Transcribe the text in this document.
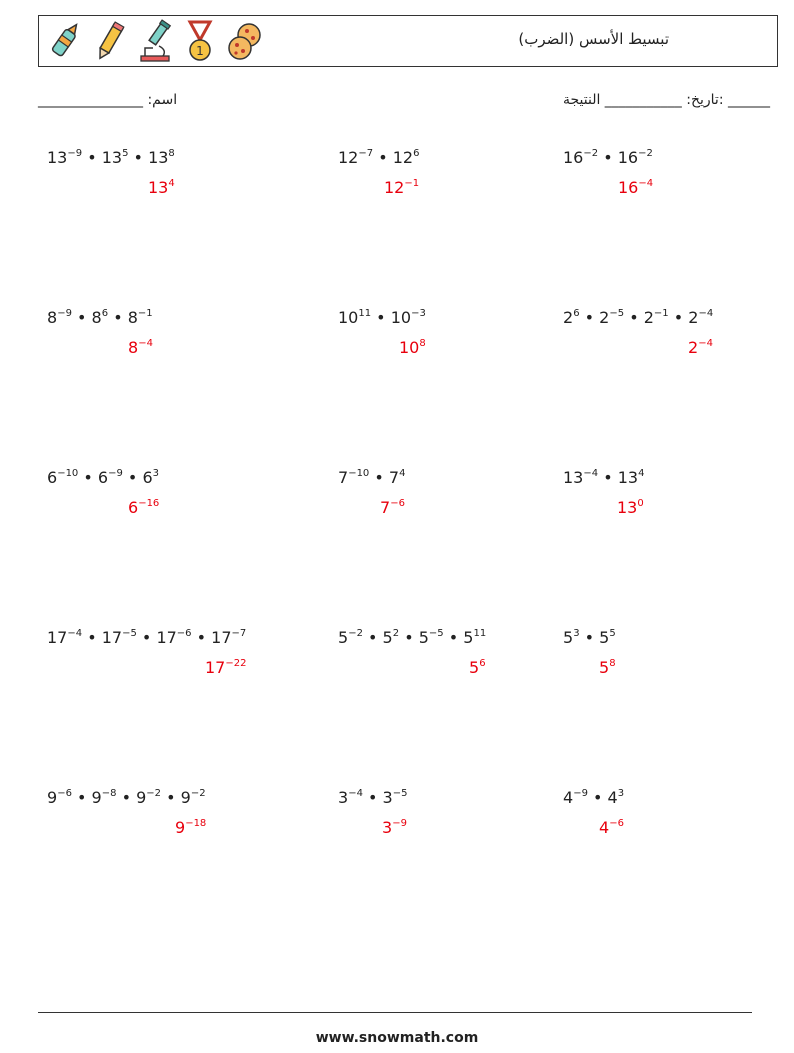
1
تبسيط الأسس (الضرب)
اسم: _______________	______ :تاريخ: ___________ النتيجة
$13^{-9}$ • $13^5$ • $13^8$
$13^4$
$12^{-7}$ • $12^6$
$12^{-1}$
$16^{-2}$ • $16^{-2}$
$16^{-4}$
$8^{-9}$ • $8^6$ • $8^{-1}$
$8^{-4}$
$10^{11}$ • $10^{-3}$
$10^8$
$2^6$ • $2^{-5}$ • $2^{-1}$ • $2^{-4}$
$2^{-4}$
$6^{-10}$ • $6^{-9}$ • $6^3$
$6^{-16}$
$7^{-10}$ • $7^4$
$7^{-6}$
$13^{-4}$ • $13^4$
$13^0$
$17^{-4}$ • $17^{-5}$ • $17^{-6}$ • $17^{-7}$
$17^{-22}$
$5^{-2}$ • $5^2$ • $5^{-5}$ • $5^{11}$
$5^6$
$5^3$ • $5^5$
$5^8$
$9^{-6}$ • $9^{-8}$ • $9^{-2}$ • $9^{-2}$
$9^{-18}$
$3^{-4}$ • $3^{-5}$
$3^{-9}$
$4^{-9}$ • $4^3$
$4^{-6}$
www.snowmath.com
